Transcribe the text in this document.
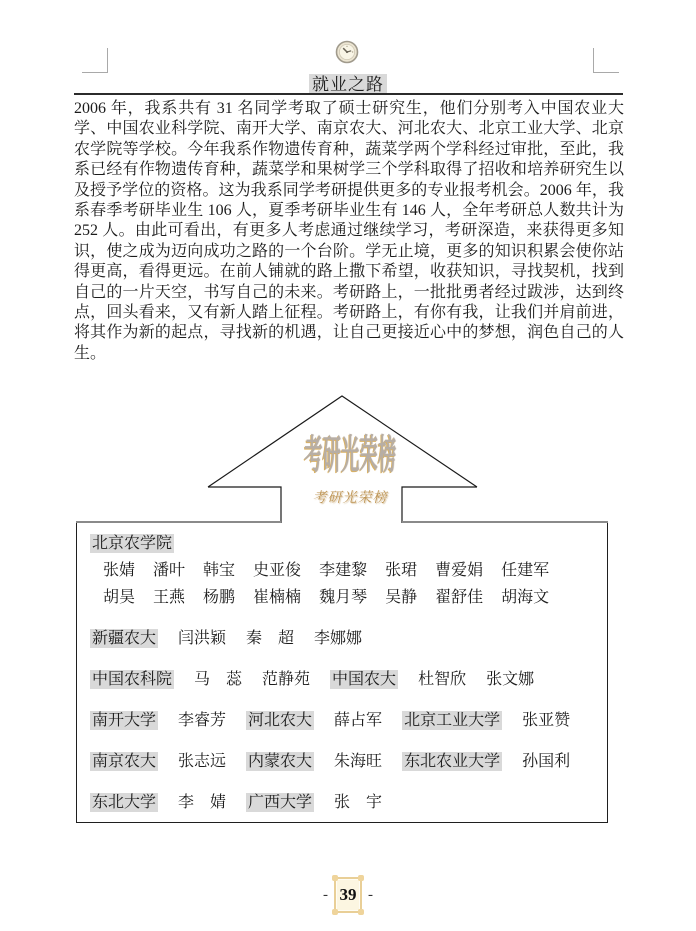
就业之路
2006 年，我系共有 31 名同学考取了硕士研究生，他们分别考入中国农业大学、中国农业科学院、南开大学、南京农大、河北农大、北京工业大学、北京农学院等学校。今年我系作物遗传育种，蔬菜学两个学科经过审批，至此，我系已经有作物遗传育种，蔬菜学和果树学三个学科取得了招收和培养研究生以及授予学位的资格。这为我系同学考研提供更多的专业报考机会。2006 年，我系春季考研毕业生 106 人，夏季考研毕业生有 146 人，全年考研总人数共计为 252 人。由此可看出，有更多人考虑通过继续学习，考研深造，来获得更多知识，使之成为迈向成功之路的一个台阶。学无止境，更多的知识积累会使你站得更高，看得更远。在前人铺就的路上撒下希望，收获知识，寻找契机，找到自己的一片天空，书写自己的未来。考研路上，一批批勇者经过跋涉，达到终点，回头看来，又有新人踏上征程。考研路上，有你有我，让我们并肩前进，将其作为新的起点，寻找新的机遇，让自己更接近心中的梦想，润色自己的人生。
考研光荣榜
考研光荣榜
北京农学院
张婧 潘叶 韩宝 史亚俊 李建黎 张珺 曹爱娟 任建军
胡昊 王燕 杨鹏 崔楠楠 魏月琴 吴静 翟舒佳 胡海文
新疆农大 闫洪颖 秦　超 李娜娜
中国农科院 马　蕊 范静苑 中国农大 杜智欣 张文娜
南开大学 李睿芳 河北农大 薛占军 北京工业大学 张亚赞
南京农大 张志远 内蒙农大 朱海旺 东北农业大学 孙国利
东北大学 李　婧 广西大学 张　宇
- 39 -
